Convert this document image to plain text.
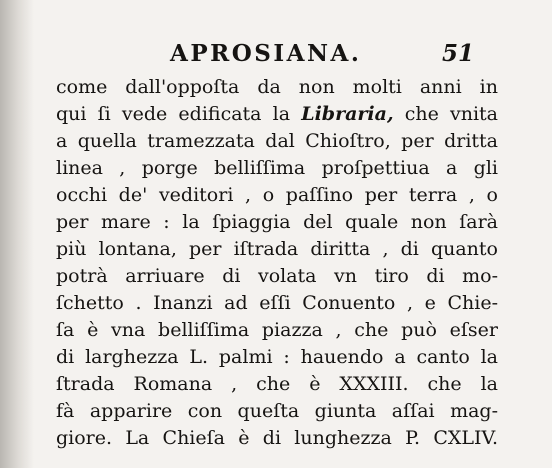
APROSIANA.	51
come dall'oppoſta da non molti anni in
qui ſi vede edificata la Libraria, che vnita
a quella tramezzata dal Chioſtro, per dritta
linea , porge belliſſima proſpettiua a gli
occhi de' veditori , o paſſino per terra , o
per mare : la ſpiaggia del quale non ſarà
più lontana, per iſtrada diritta , di quanto
potrà arriuare di volata vn tiro di mo-
ſchetto . Inanzi ad eſſi Conuento , e Chie-
ſa è vna belliſſima piazza , che può eſser
di larghezza L. palmi : hauendo a canto la
ſtrada Romana , che è XXXIII. che la
fà apparire con queſta giunta aſſai mag-
giore. La Chieſa è di lunghezza P. CXLIV.
